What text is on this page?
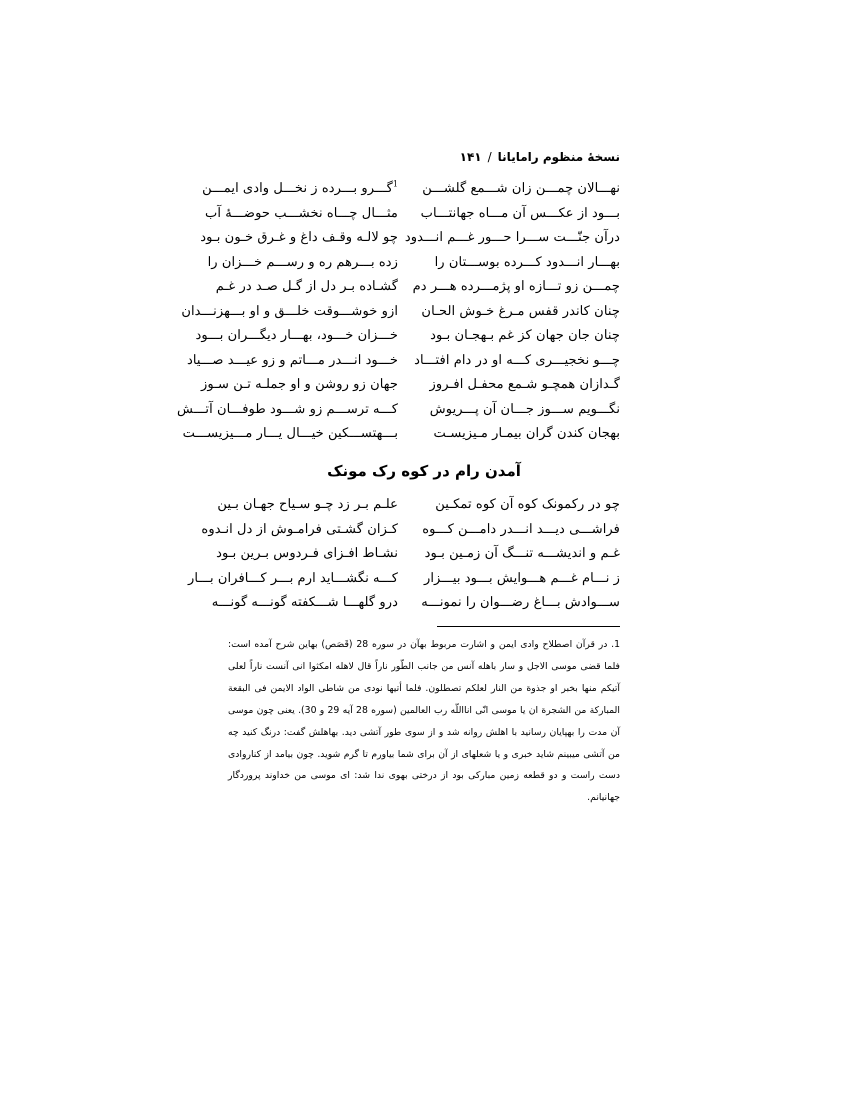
نسخهٔ منظوم رامایانا/۱۴۱
نهـــالان چمـــن زان شـــمع گلشـــن
$^1$گـــرو بـــرده ز نخـــل وادی ایمـــن
بـــود از عکـــس آن مـــاه جهانتـــاب
مثـــال چـــاه نخشـــب حوضـــهٔ آب
درآن جنّـــت ســـرا حـــور غـــم انـــدود
چو لالـه وقـف داغ و غـرق خـون بـود
بهـــار انـــدود کـــرده بوســـتان را
زده بـــرهم ره و رســـم خـــزان را
چمـــن زو تـــازه او پژمـــرده هـــر دم
گشـاده بـر دل از گـل صـد در غـم
چنان کاندر قفس مـرغ خـوش الحـان
ازو خوشـــوقت خلـــق و او بـــهزنـــدان
چنان جان جهان کز غم بـهجـان بـود
خـــزان خـــود، بهـــار دیگـــران بـــود
چـــو نخجیـــری کـــه او در دام افتـــاد
خـــود انـــدر مـــاتم و زو عیـــد صـــیاد
گـدازان همچـو شـمع محفـل افـروز
جهان زو روشن و او جملـه تـن سـوز
نگـــویم ســـوز جـــان آن پـــریوش
کـــه ترســـم زو شـــود طوفـــان آتـــش
بهجان کندن گران بیمـار مـیزیسـت
بـــهتســـکین خیـــال یـــار مـــیزیســـت
آمدن رام در کوه رک مونک
چو در رکمونک کوه آن کوه تمکـین
علـم بـر زد چـو سـیاح جهـان بـین
فراشـــی دیـــد انـــدر دامـــن کـــوه
کـزان گشـتی فرامـوش از دل انـدوه
غـم و اندیشـــه تنـــگ آن زمـین بـود
نشـاط افـزای فـردوس بـرین بـود
ز نـــام غـــم هـــوایش بـــود بیـــزار
کـــه نگشـــاید ارم بـــر کـــافران بـــار
ســـوادش بـــاغ رضـــوان را نمونـــه
درو گلهـــا شـــکفته گونـــه گونـــه
1. در قرآن اصطلاح وادی ایمن و اشارت مربوط بهآن در سوره 28 (قَصَص) بهاین شرح آمده است: فلما قضی موسی الاجل و سار باهله آنس من جانب الطّور ناراً قال لاهله امکثوا انی آنست ناراً لعلی آتیکم منها بخبر او جذوة من النار لعلکم تصطلون. فلما أتیها نودی من شاطی الواد الایمن فی البقعة المبارکة من الشجرة ان یا موسی انّی انااللّه رب العالمین (سوره 28 آیه 29 و 30). یعنی چون موسی آن مدت را بهپایان رسانید با اهلش روانه شد و از سوی طور آتشی دید. بهاهلش گفت: درنگ کنید چه من آتشی میبینم شاید خبری و یا شعلهای از آن برای شما بیاورم تا گرم شوید. چون بیامد از کناروادی دست راست و دو قطعه زمین مبارکی بود از درختی بهوی ندا شد: ای موسی من خداوند پروردگار جهانیانم.
